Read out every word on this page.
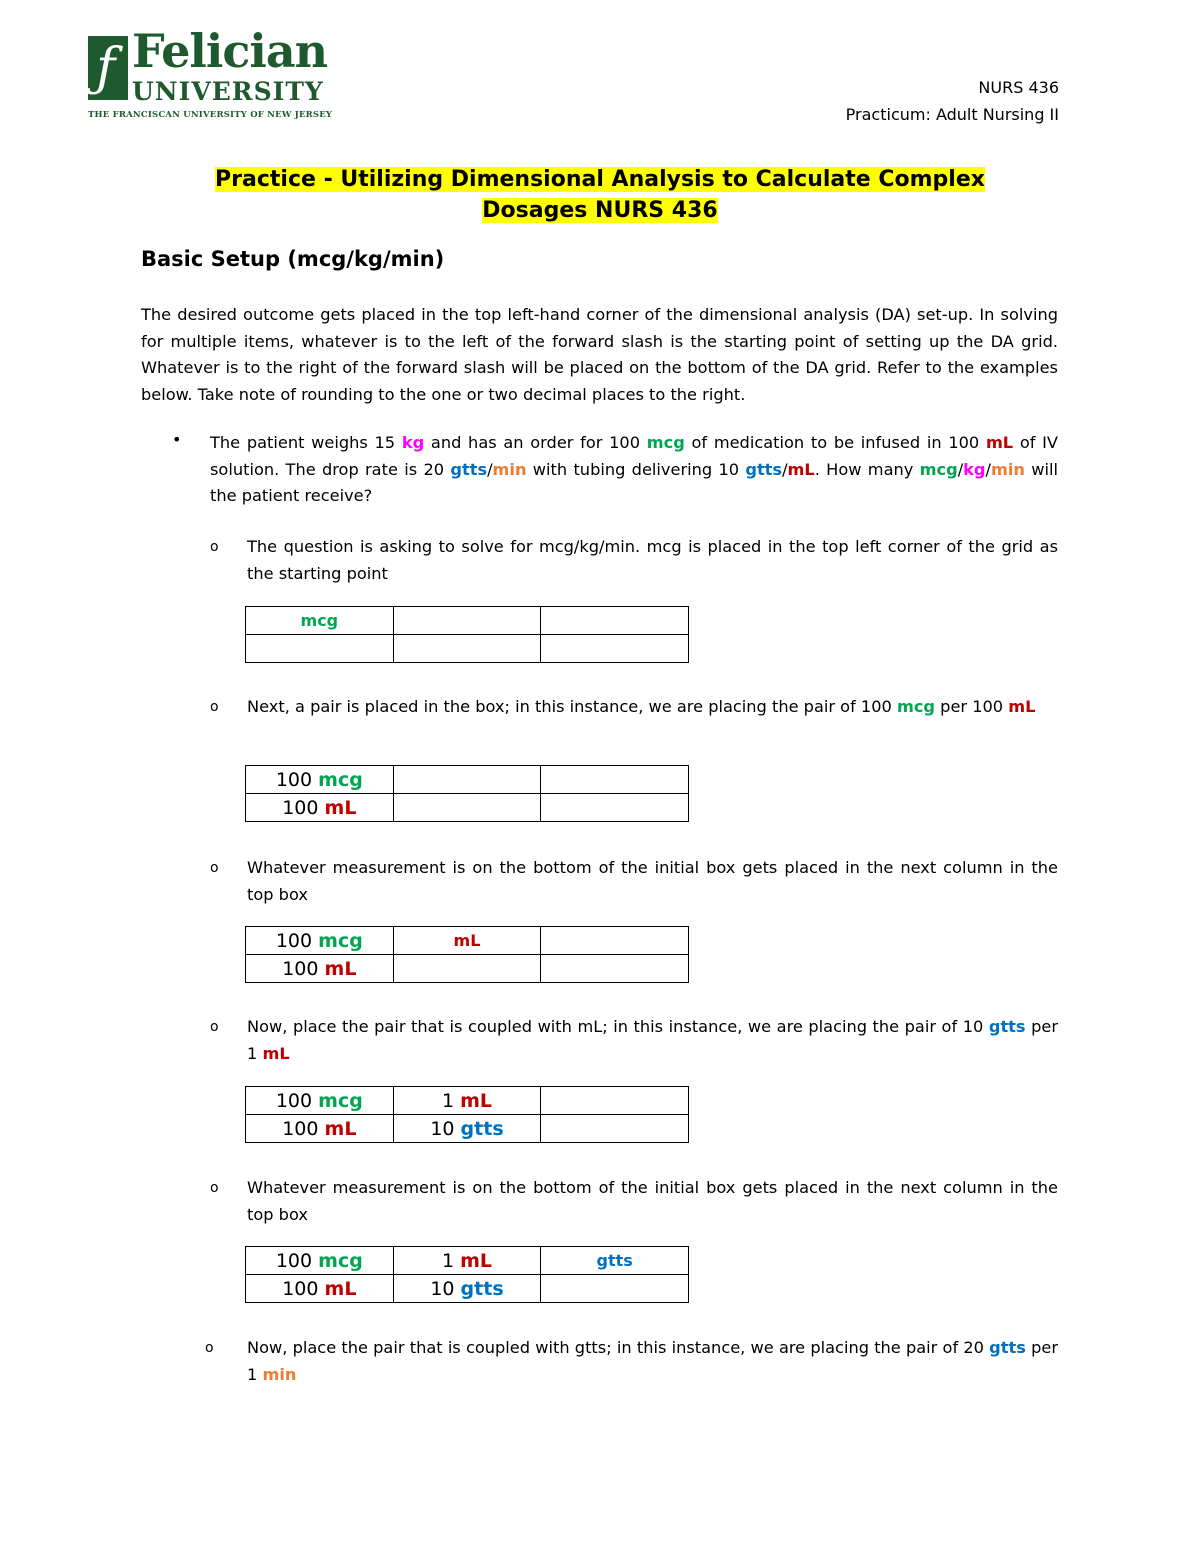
ƒ Felician
UNIVERSITY
THE FRANCISCAN UNIVERSITY OF NEW JERSEY
NURS 436
Practicum: Adult Nursing II
Practice - Utilizing Dimensional Analysis to Calculate Complex
Dosages NURS 436
Basic Setup (mcg/kg/min)
The desired outcome gets placed in the top left-hand corner of the dimensional analysis (DA) set-up. In solving for multiple items, whatever is to the left of the forward slash is the starting point of setting up the DA grid. Whatever is to the right of the forward slash will be placed on the bottom of the DA grid. Refer to the examples below. Take note of rounding to the one or two decimal places to the right.
• The patient weighs 15 kg and has an order for 100 mcg of medication to be infused in 100 mL of IV solution. The drop rate is 20 gtts/min with tubing delivering 10 gtts/mL. How many mcg/kg/min will the patient receive?
o	The question is asking to solve for mcg/kg/min. mcg is placed in the top left corner of the grid as the starting point
mcg		

o	Next, a pair is placed in the box; in this instance, we are placing the pair of 100 mcg per 100 mL
100 mcg		
100 mL		
o	Whatever measurement is on the bottom of the initial box gets placed in the next column in the top box
100 mcg	mL	
100 mL		
o	Now, place the pair that is coupled with mL; in this instance, we are placing the pair of 10 gtts per 1 mL
100 mcg	1 mL	
100 mL	10 gtts	
o	Whatever measurement is on the bottom of the initial box gets placed in the next column in the top box
100 mcg	1 mL	gtts
100 mL	10 gtts	
o	Now, place the pair that is coupled with gtts; in this instance, we are placing the pair of 20 gtts per 1 min
